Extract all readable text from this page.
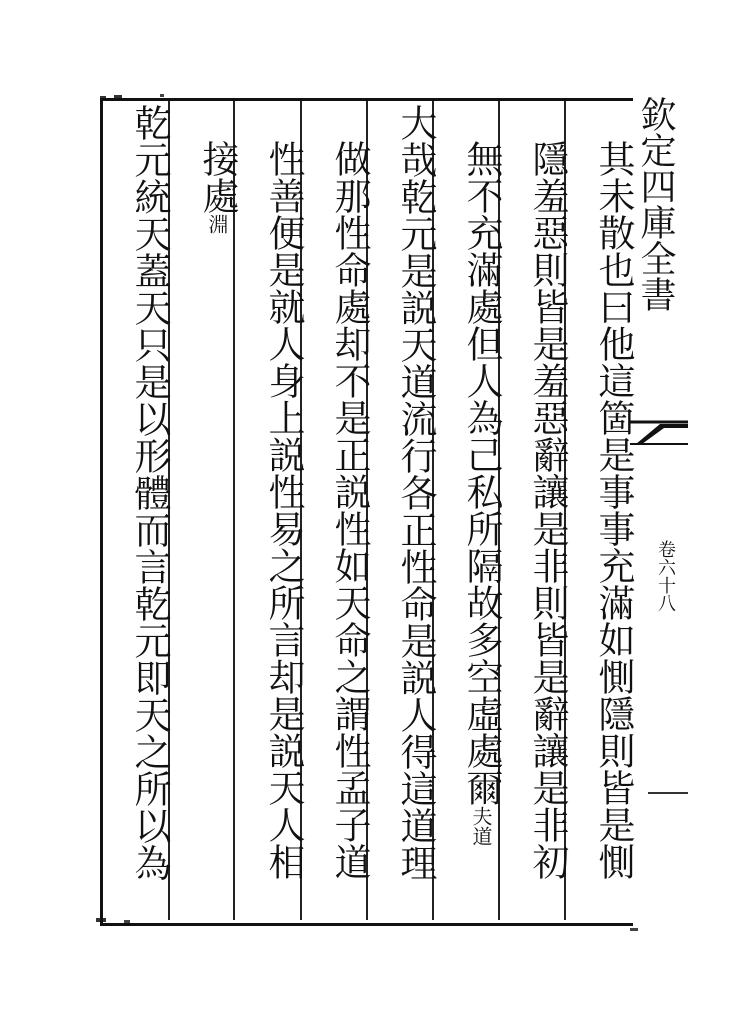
其未散也曰他這箇是事事充滿如惻隱則皆是惻
隱羞惡則皆是羞惡辭讓是非則皆是辭讓是非初
無不充滿處但人為己私所隔故多空虛處爾夫道
大哉乾元是説天道流行各正性命是説人得這道理
做那性命處却不是正説性如天命之謂性孟子道
性善便是就人身上説性易之所言却是説天人相
接處淵
乾元統天蓋天只是以形體而言乾元即天之所以為	欽定四庫全書
卷六十八
